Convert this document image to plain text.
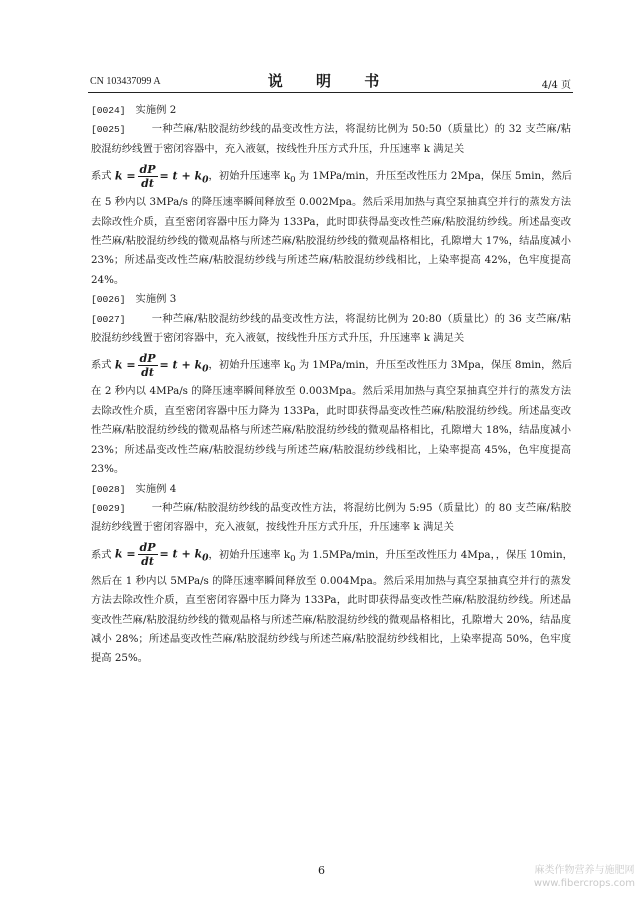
CN 103437099 A	说 明 书	4/4 页

[0024] 实施例 2

[0025]	一种苎麻/粘胶混纺纱线的晶变改性方法，将混纺比例为 50:50（质量比）的 32 支苎麻/粘胶混纺纱线置于密闭容器中，充入液氨，按线性升压方式升压，升压速率 k 满足关

系式 $k = \frac{dP}{dt} = t + k_0$，初始升压速率 $k_0$ 为 1MPa/min，升压至改性压力 2Mpa，保压 5min，然后

在 5 秒内以 3MPa/s 的降压速率瞬间释放至 0.002Mpa。然后采用加热与真空泵抽真空并行的蒸发方法去除改性介质，直至密闭容器中压力降为 133Pa，此时即获得晶变改性苎麻/粘胶混纺纱线。所述晶变改性苎麻/粘胶混纺纱线的微观晶格与所述苎麻/粘胶混纺纱线的微观晶格相比，孔隙增大 17%，结晶度减小 23%；所述晶变改性苎麻/粘胶混纺纱线与所述苎麻/粘胶混纺纱线相比，上染率提高 42%，色牢度提高 24%。

[0026] 实施例 3

[0027]	一种苎麻/粘胶混纺纱线的晶变改性方法，将混纺比例为 20:80（质量比）的 36 支苎麻/粘胶混纺纱线置于密闭容器中，充入液氨，按线性升压方式升压，升压速率 k 满足关

系式 $k = \frac{dP}{dt} = t + k_0$，初始升压速率 $k_0$ 为 1MPa/min，升压至改性压力 3Mpa，保压 8min，然后

在 2 秒内以 4MPa/s 的降压速率瞬间释放至 0.003Mpa。然后采用加热与真空泵抽真空并行的蒸发方法去除改性介质，直至密闭容器中压力降为 133Pa，此时即获得晶变改性苎麻/粘胶混纺纱线。所述晶变改性苎麻/粘胶混纺纱线的微观晶格与所述苎麻/粘胶混纺纱线的微观晶格相比，孔隙增大 18%，结晶度减小 23%；所述晶变改性苎麻/粘胶混纺纱线与所述苎麻/粘胶混纺纱线相比，上染率提高 45%，色牢度提高 23%。

[0028] 实施例 4

[0029]	一种苎麻/粘胶混纺纱线的晶变改性方法，将混纺比例为 5:95（质量比）的 80 支苎麻/粘胶混纺纱线置于密闭容器中，充入液氨，按线性升压方式升压，升压速率 k 满足关

系式 $k = \frac{dP}{dt} = t + k_0$，初始升压速率 $k_0$ 为 1.5MPa/min，升压至改性压力 4Mpa，，保压 10min，

然后在 1 秒内以 5MPa/s 的降压速率瞬间释放至 0.004Mpa。然后采用加热与真空泵抽真空并行的蒸发方法去除改性介质，直至密闭容器中压力降为 133Pa，此时即获得晶变改性苎麻/粘胶混纺纱线。所述晶变改性苎麻/粘胶混纺纱线的微观晶格与所述苎麻/粘胶混纺纱线的微观晶格相比，孔隙增大 20%，结晶度减小 28%；所述晶变改性苎麻/粘胶混纺纱线与所述苎麻/粘胶混纺纱线相比，上染率提高 50%，色牢度提高 25%。

6	麻类作物营养与施肥网
www.fibercrops.com
